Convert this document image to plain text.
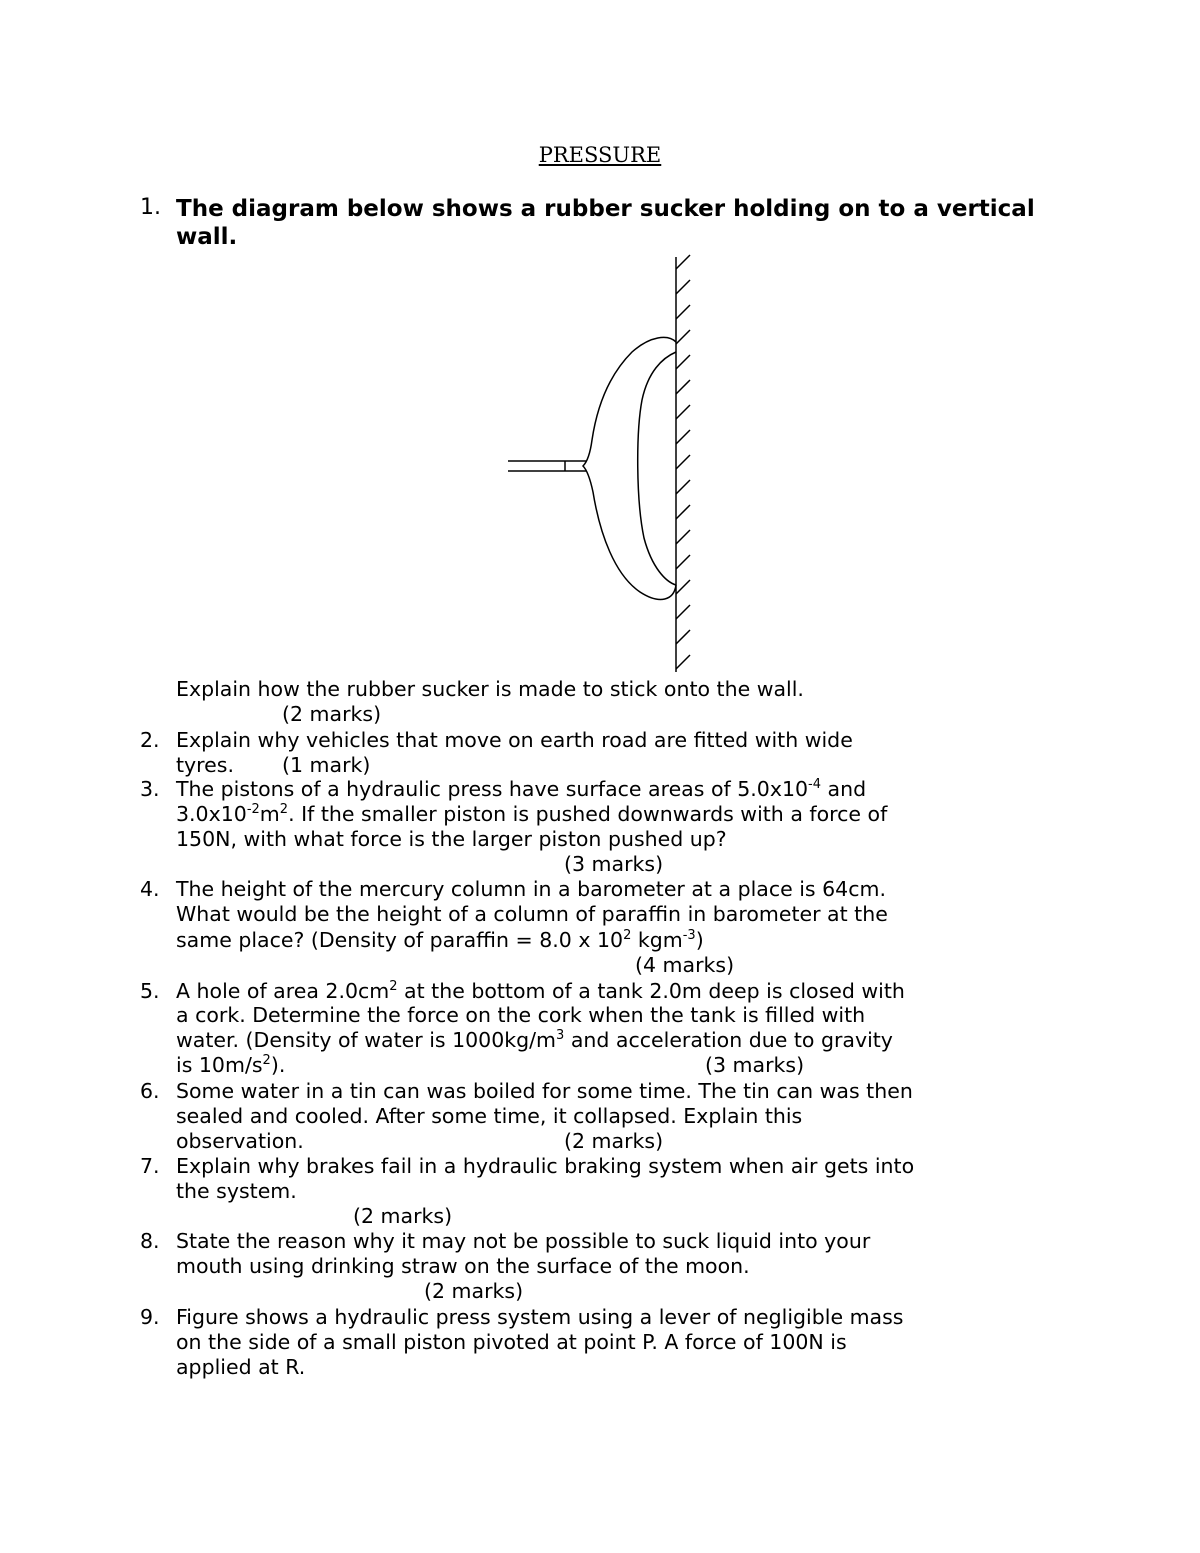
PRESSURE
1. The diagram below shows a rubber sucker holding on to a vertical wall.
Explain how the rubber sucker is made to stick onto the wall.
(2 marks)
2. Explain why vehicles that move on earth road are fitted with wide
tyres. (1 mark)
3. The pistons of a hydraulic press have surface areas of $5.0x10^{-4}$ and
$3.0x10^{-2}m^2$. If the smaller piston is pushed downwards with a force of
150N, with what force is the larger piston pushed up?
(3 marks)
4. The height of the mercury column in a barometer at a place is 64cm.
What would be the height of a column of paraffin in barometer at the
same place? (Density of paraffin = 8.0 x $10^2$ kgm$^{-3}$)
(4 marks)
5. A hole of area $2.0cm^2$ at the bottom of a tank 2.0m deep is closed with
a cork. Determine the force on the cork when the tank is filled with
water. (Density of water is $1000kg/m^3$ and acceleration due to gravity
is $10m/s^2$).	(3 marks)
6. Some water in a tin can was boiled for some time. The tin can was then
sealed and cooled. After some time, it collapsed. Explain this
observation.	(2 marks)
7. Explain why brakes fail in a hydraulic braking system when air gets into
the system.
(2 marks)
8. State the reason why it may not be possible to suck liquid into your
mouth using drinking straw on the surface of the moon.
(2 marks)
9. Figure shows a hydraulic press system using a lever of negligible mass
on the side of a small piston pivoted at point P. A force of 100N is
applied at R.
